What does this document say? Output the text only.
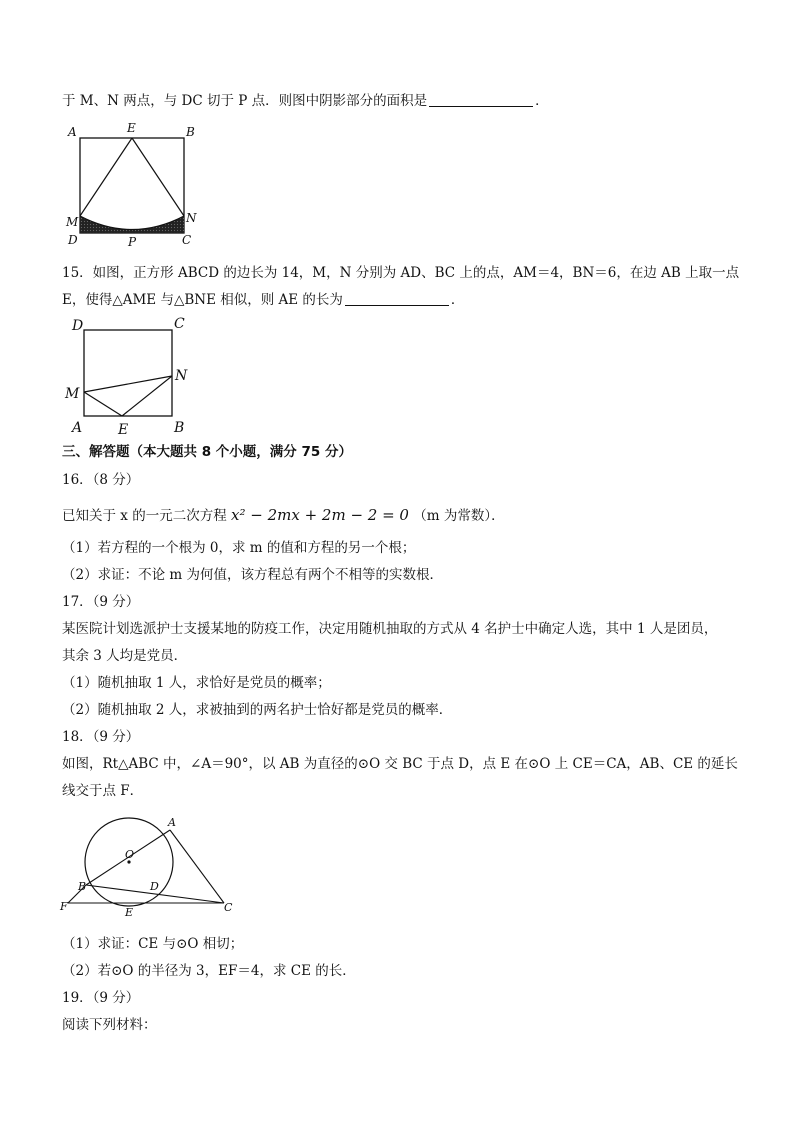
于 M、N 两点，与 DC 切于 P 点．则图中阴影部分的面积是	．
A	E	B
M	N
D	P	C
15．如图，正方形 ABCD 的边长为 14，M，N 分别为 AD、BC 上的点，AM＝4，BN＝6，在边 AB 上取一点
E，使得△AME 与△BNE 相似，则 AE 的长为	．
D	C
M
N
A	E	B
三、解答题（本大题共 8 个小题，满分 75 分）
16．（8 分）
已知关于 x 的一元二次方程 x² − 2mx + 2m − 2 = 0 （m 为常数）．
（1）若方程的一个根为 0，求 m 的值和方程的另一个根；
（2）求证：不论 m 为何值，该方程总有两个不相等的实数根．
17．（9 分）
某医院计划选派护士支援某地的防疫工作，决定用随机抽取的方式从 4 名护士中确定人选，其中 1 人是团员，
其余 3 人均是党员．
（1）随机抽取 1 人，求恰好是党员的概率；
（2）随机抽取 2 人，求被抽到的两名护士恰好都是党员的概率．
18．（9 分）
如图，Rt△ABC 中，∠A＝90°，以 AB 为直径的⊙O 交 BC 于点 D，点 E 在⊙O 上 CE＝CA，AB、CE 的延长
线交于点 F．
A
O
B	D
F	E	C
（1）求证：CE 与⊙O 相切；
（2）若⊙O 的半径为 3，EF＝4，求 CE 的长．
19．（9 分）
阅读下列材料：
